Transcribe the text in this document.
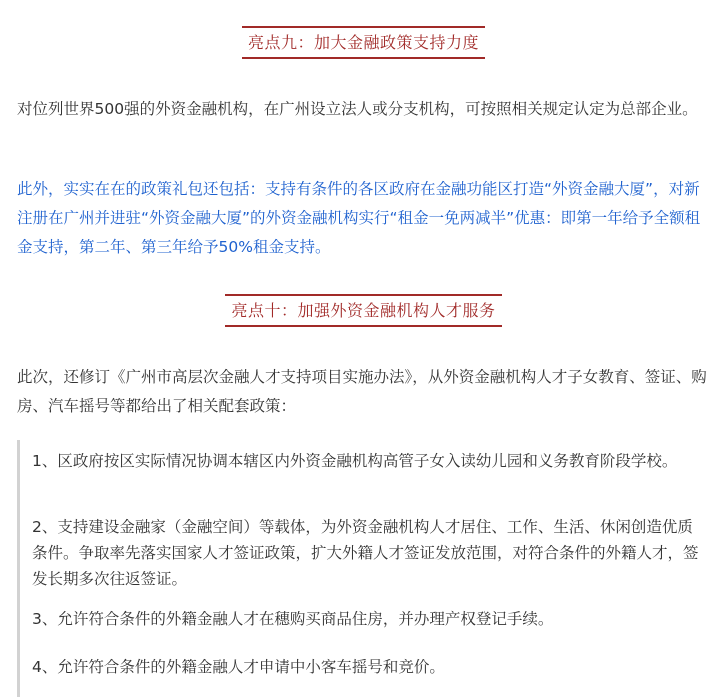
亮点九：加大金融政策支持力度

对位列世界500强的外资金融机构，在广州设立法人或分支机构，可按照相关规定认定为总部企业。

此外，实实在在的政策礼包还包括：支持有条件的各区政府在金融功能区打造“外资金融大厦”，对新注册在广州并进驻“外资金融大厦”的外资金融机构实行“租金一免两减半”优惠：即第一年给予全额租金支持，第二年、第三年给予50%租金支持。

亮点十：加强外资金融机构人才服务

此次，还修订《广州市高层次金融人才支持项目实施办法》，从外资金融机构人才子女教育、签证、购房、汽车摇号等都给出了相关配套政策：

1、区政府按区实际情况协调本辖区内外资金融机构高管子女入读幼儿园和义务教育阶段学校。

2、支持建设金融家（金融空间）等载体，为外资金融机构人才居住、工作、生活、休闲创造优质条件。争取率先落实国家人才签证政策，扩大外籍人才签证发放范围，对符合条件的外籍人才，签发长期多次往返签证。

3、允许符合条件的外籍金融人才在穗购买商品住房，并办理产权登记手续。

4、允许符合条件的外籍金融人才申请中小客车摇号和竞价。
